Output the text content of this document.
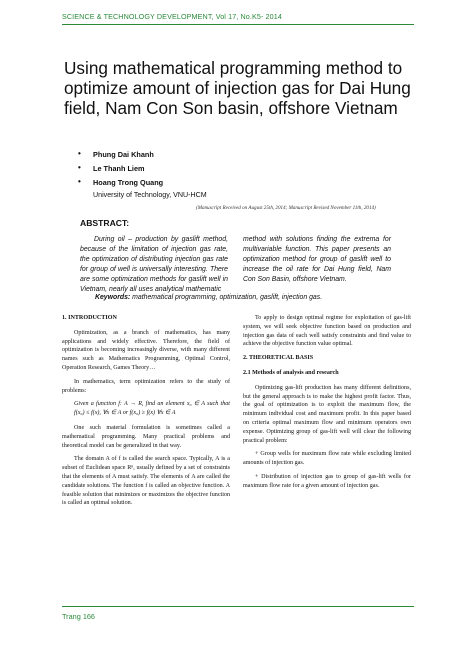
SCIENCE & TECHNOLOGY DEVELOPMENT, Vol 17, No.K5- 2014
Using mathematical programming method to optimize amount of injection gas for Dai Hung field, Nam Con Son basin, offshore Vietnam
• Phung Dai Khanh
• Le Thanh Liem
• Hoang Trong Quang
University of Technology, VNU-HCM
(Manuscript Received on August 25th, 2014; Manuscript Revised November 11th, 2014)
ABSTRACT:
During oil – production by gaslift method, because of the limitation of injection gas rate, the optimization of distributing injection gas rate for group of well is universally interesting. There are some optimization methods for gaslift well in Vietnam, nearly all uses analytical mathematic
method with solutions finding the extrema for multivariable function. This paper presents an optimization method for group of gaslift well to increase the oil rate for Dai Hung field, Nam Con Son Basin, offshore Vietnam.
Keywords: mathematical programming, optimization, gaslift, injection gas.
1. INTRODUCTION

Optimization, as a branch of mathematics, has many applications and widely effective. Therefore, the field of optimization is becoming increasingly diverse, with many different names such as Mathematics Programming, Optimal Control, Operation Research, Games Theory…

In mathematics, term optimization refers to the study of problems:

Given a function f: A → R, find an element x₀ ∈ A such that f(x₀) ≤ f(x), ∀x ∈ A or f(x₀) ≥ f(x) ∀x ∈ A

One such material formulation is sometimes called a mathematical programming. Many practical problems and theoretical model can be generalized in that way.

The domain A of f is called the search space. Typically, A is a subset of Euclidean space Rⁿ, usually defined by a set of constraints that the elements of A must satisfy. The elements of A are called the candidate solutions. The function f is called an objective function. A feasible solution that minimizes or maximizes the objective function is called an optimal solution.

To apply to design optimal regime for exploitation of gas-lift system, we will seek objective function based on production and injection gas data of each well satisfy constraints and find value to achieve the objective function value optimal.

2. THEORETICAL BASIS
2.1 Methods of analysis and research

Optimizing gas-lift production has many different definitions, but the general approach is to make the highest profit factor. Thus, the goal of optimization is to exploit the maximum flow, the minimum individual cost and maximum profit. In this paper based on criteria optimal maximum flow and minimum operators own expense. Optimizing group of gas-lift well will clear the following practical problem:

+ Group wells for maximum flow rate while excluding limited amounts of injection gas.

+ Distribution of injection gas to group of gas-lift wells for maximum flow rate for a given amount of injection gas.

Trang 166
